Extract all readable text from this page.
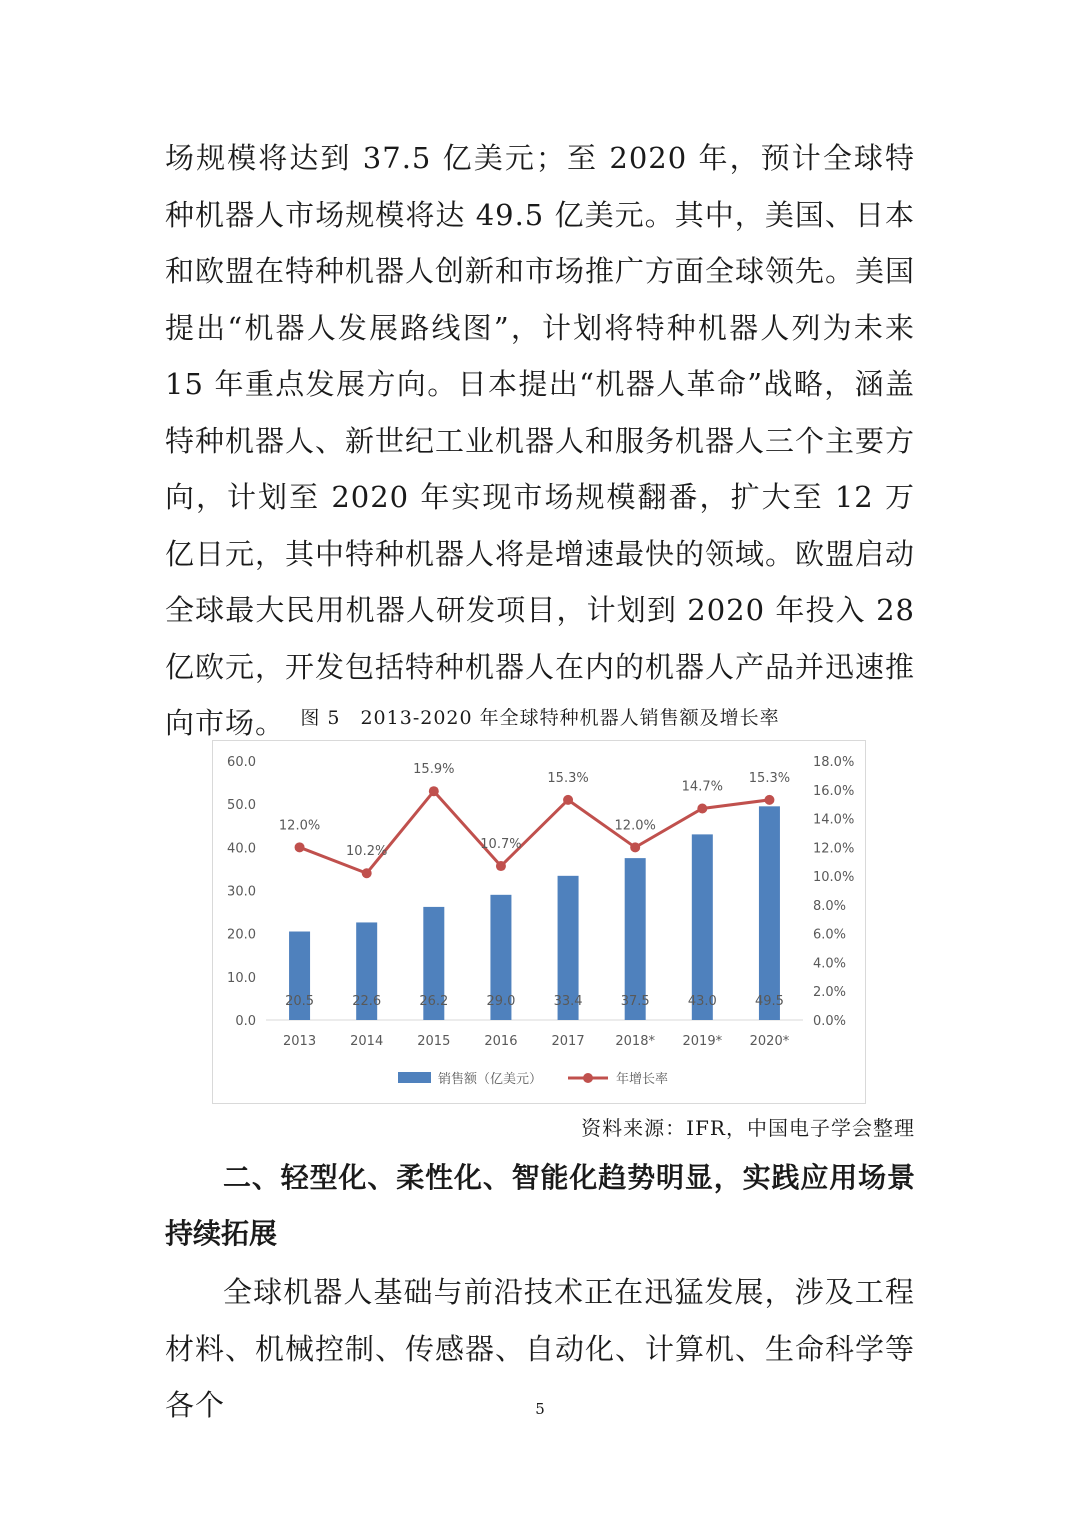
场规模将达到 37.5 亿美元；至 2020 年，预计全球特种机器人市场规模将达 49.5 亿美元。其中，美国、日本和欧盟在特种机器人创新和市场推广方面全球领先。美国提出“机器人发展路线图”，计划将特种机器人列为未来 15 年重点发展方向。日本提出“机器人革命”战略，涵盖特种机器人、新世纪工业机器人和服务机器人三个主要方向，计划至 2020 年实现市场规模翻番，扩大至 12 万亿日元，其中特种机器人将是增速最快的领域。欧盟启动全球最大民用机器人研发项目，计划到 2020 年投入 28 亿欧元，开发包括特种机器人在内的机器人产品并迅速推向市场。 图 5　2013-2020 年全球特种机器人销售额及增长率
0.0
10.0
20.0
30.0
40.0
50.0
60.0
0.0%
2.0%
4.0%
6.0%
8.0%
10.0%
12.0%
14.0%
16.0%
18.0%
2013	2014	2015	2016	2017 2018* 2019* 2020*
20.5	22.6	26.2	29.0	33.4	37.5	43.0	49.5
12.0%
10.2%
15.9%
10.7%
15.3%
12.0%
14.7%
15.3%
销售额（亿美元）	年增长率
资料来源：IFR，中国电子学会整理
二、轻型化、柔性化、智能化趋势明显，实践应用场景持续拓展
全球机器人基础与前沿技术正在迅猛发展，涉及工程材料、机械控制、传感器、自动化、计算机、生命科学等各个	5
